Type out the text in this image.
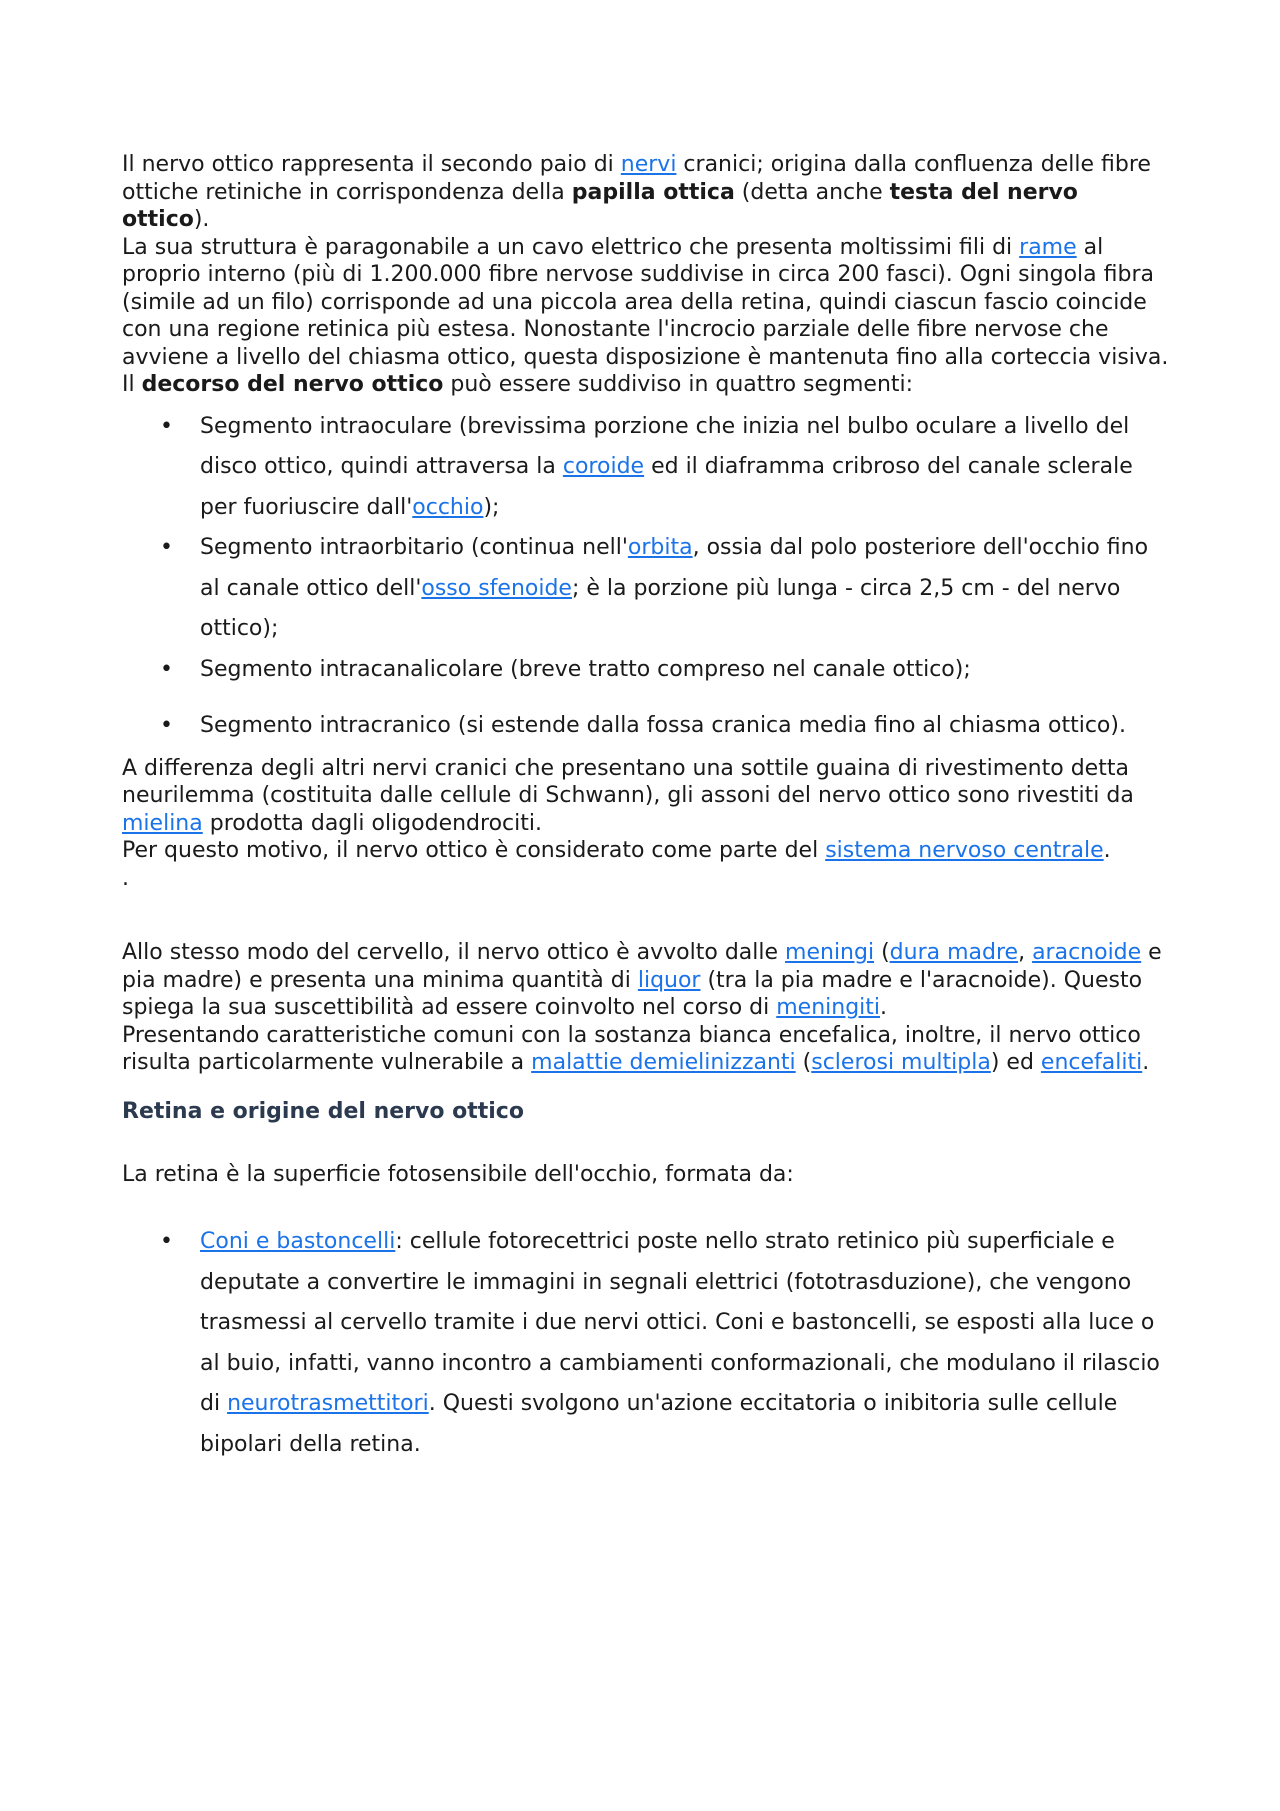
Il nervo ottico rappresenta il secondo paio di nervi cranici; origina dalla confluenza delle fibre ottiche retiniche in corrispondenza della papilla ottica (detta anche testa del nervo ottico).

La sua struttura è paragonabile a un cavo elettrico che presenta moltissimi fili di rame al proprio interno (più di 1.200.000 fibre nervose suddivise in circa 200 fasci). Ogni singola fibra (simile ad un filo) corrisponde ad una piccola area della retina, quindi ciascun fascio coincide con una regione retinica più estesa. Nonostante l'incrocio parziale delle fibre nervose che avviene a livello del chiasma ottico, questa disposizione è mantenuta fino alla corteccia visiva.

Il decorso del nervo ottico può essere suddiviso in quattro segmenti:

• Segmento intraoculare (brevissima porzione che inizia nel bulbo oculare a livello del disco ottico, quindi attraversa la coroide ed il diaframma cribroso del canale sclerale per fuoriuscire dall'occhio);
• Segmento intraorbitario (continua nell'orbita, ossia dal polo posteriore dell'occhio fino al canale ottico dell'osso sfenoide; è la porzione più lunga - circa 2,5 cm - del nervo ottico);
• Segmento intracanalicolare (breve tratto compreso nel canale ottico);
• Segmento intracranico (si estende dalla fossa cranica media fino al chiasma ottico).

A differenza degli altri nervi cranici che presentano una sottile guaina di rivestimento detta neurilemma (costituita dalle cellule di Schwann), gli assoni del nervo ottico sono rivestiti da mielina prodotta dagli oligodendrociti.

Per questo motivo, il nervo ottico è considerato come parte del sistema nervoso centrale.

.

Allo stesso modo del cervello, il nervo ottico è avvolto dalle meningi (dura madre, aracnoide e pia madre) e presenta una minima quantità di liquor (tra la pia madre e l'aracnoide). Questo spiega la sua suscettibilità ad essere coinvolto nel corso di meningiti.

Presentando caratteristiche comuni con la sostanza bianca encefalica, inoltre, il nervo ottico risulta particolarmente vulnerabile a malattie demielinizzanti (sclerosi multipla) ed encefaliti.

Retina e origine del nervo ottico

La retina è la superficie fotosensibile dell'occhio, formata da:

• Coni e bastoncelli: cellule fotorecettrici poste nello strato retinico più superficiale e deputate a convertire le immagini in segnali elettrici (fototrasduzione), che vengono trasmessi al cervello tramite i due nervi ottici. Coni e bastoncelli, se esposti alla luce o al buio, infatti, vanno incontro a cambiamenti conformazionali, che modulano il rilascio di neurotrasmettitori. Questi svolgono un'azione eccitatoria o inibitoria sulle cellule bipolari della retina.
